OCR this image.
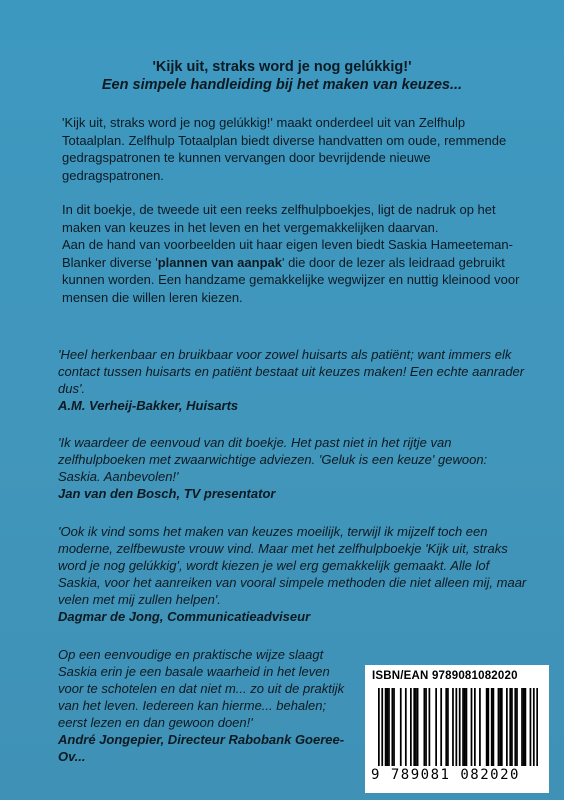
'Kijk uit, straks word je nog gelúkkig!'
Een simpele handleiding bij het maken van keuzes...

'Kijk uit, straks word je nog gelúkkig!' maakt onderdeel uit van Zelfhulp Totaalplan. Zelfhulp Totaalplan biedt diverse handvatten om oude, remmende gedragspatronen te kunnen vervangen door bevrijdende nieuwe gedragspatronen.

In dit boekje, de tweede uit een reeks zelfhulpboekjes, ligt de nadruk op het maken van keuzes in het leven en het vergemakkelijken daarvan.

Aan de hand van voorbeelden uit haar eigen leven biedt Saskia Hameeteman-Blanker diverse 'plannen van aanpak' die door de lezer als leidraad gebruikt kunnen worden. Een handzame gemakkelijke wegwijzer en nuttig kleinood voor mensen die willen leren kiezen.

'Heel herkenbaar en bruikbaar voor zowel huisarts als patiënt; want immers elk contact tussen huisarts en patiënt bestaat uit keuzes maken! Een echte aanrader dus'.
A.M. Verheij-Bakker, Huisarts
'Ik waardeer de eenvoud van dit boekje. Het past niet in het rijtje van zelfhulpboeken met zwaarwichtige adviezen. 'Geluk is een keuze' gewoon: Saskia. Aanbevolen!'
Jan van den Bosch, TV presentator
'Ook ik vind soms het maken van keuzes moeilijk, terwijl ik mijzelf toch een moderne, zelfbewuste vrouw vind. Maar met het zelfhulpboekje 'Kijk uit, straks word je nog gelúkkig', wordt kiezen je wel erg gemakkelijk gemaakt. Alle lof Saskia, voor het aanreiken van vooral simpele methoden die niet alleen mij, maar velen met mij zullen helpen'.
Dagmar de Jong, Communicatieadviseur
Op een eenvoudige en praktische wijze slaagt Saskia erin je een basale waarheid in het leven voor te schotelen en dat niet m... zo uit de praktijk van het leven. Iedereen kan hierme... behalen; eerst lezen en dan gewoon doen!'
André Jongepier, Directeur Rabobank Goeree-Ov...
ISBN/EAN 9789081082020
9 789081 082020
